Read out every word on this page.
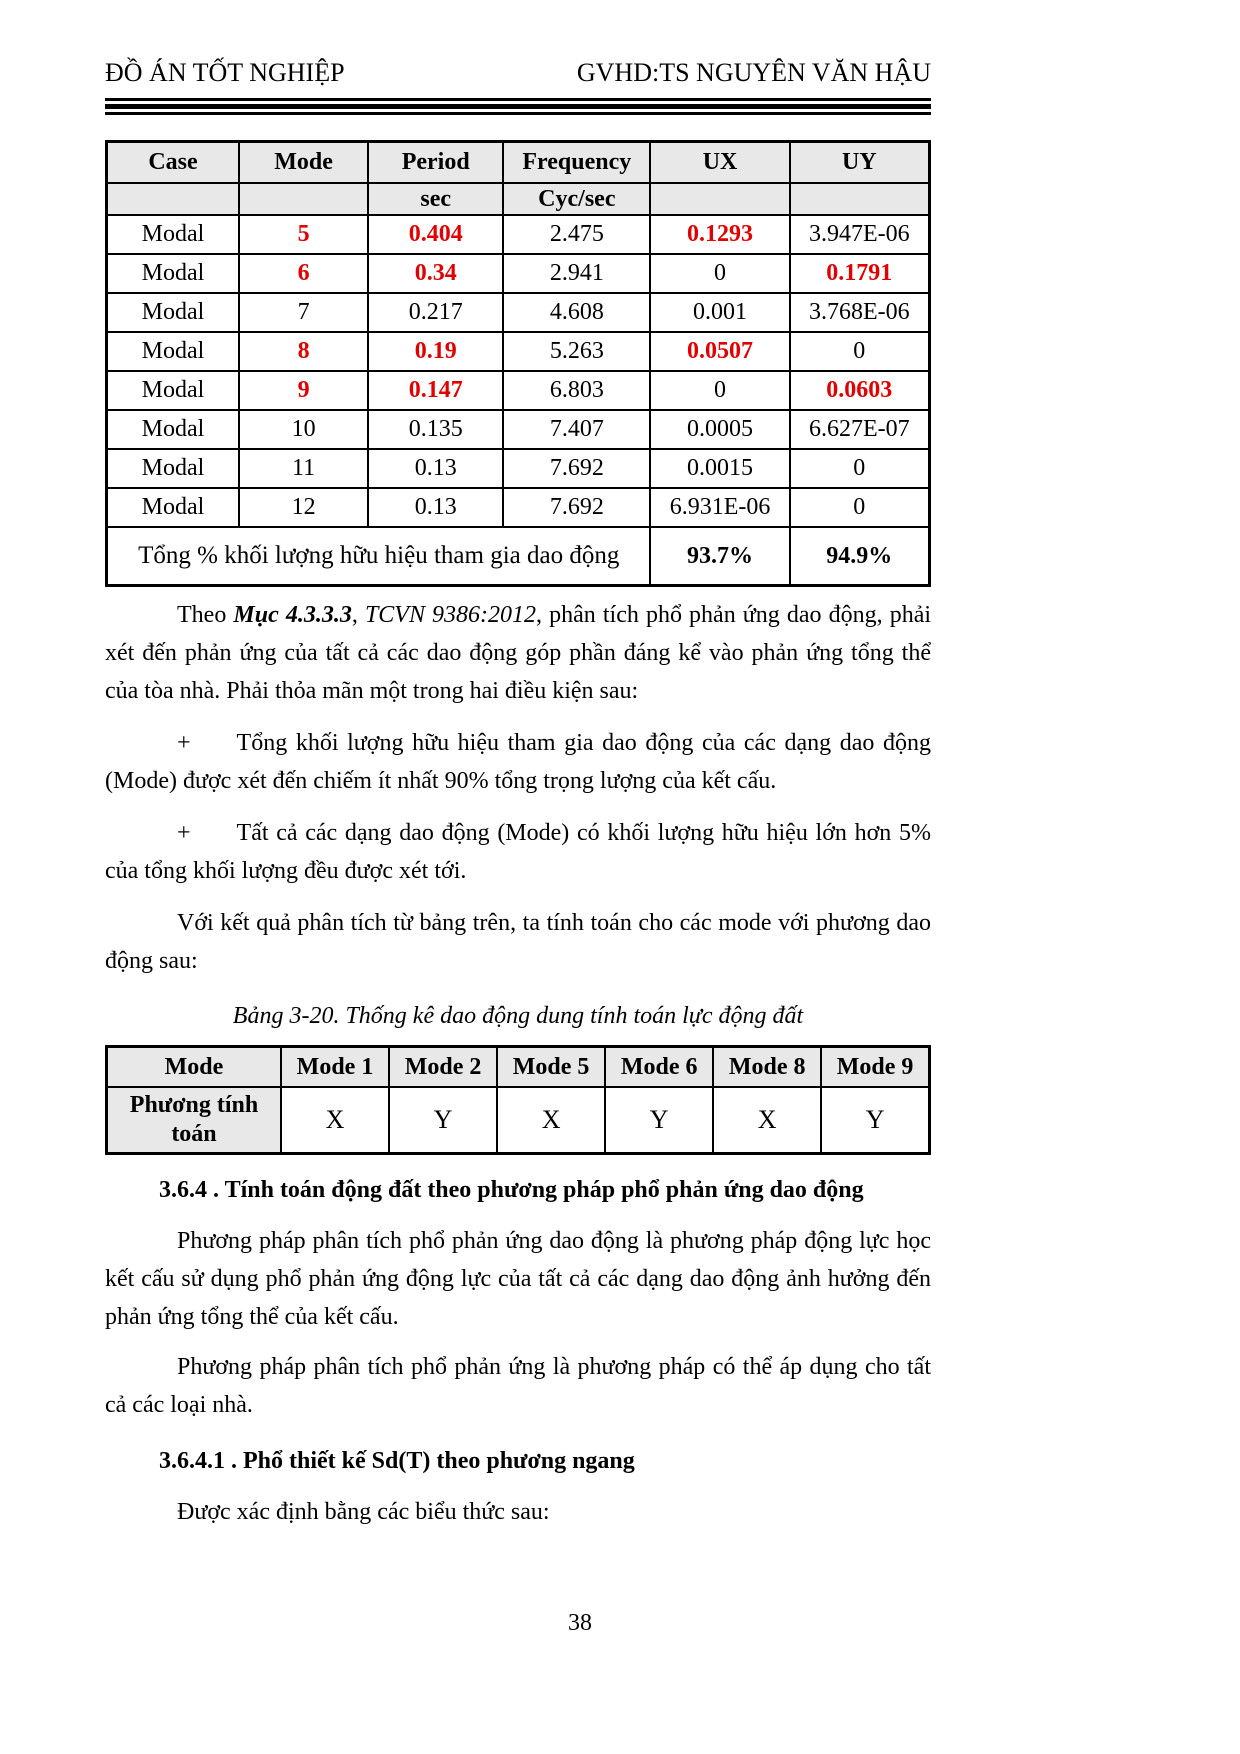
ĐỒ ÁN TỐT NGHIỆP	GVHD:TS NGUYÊN VĂN HẬU
Case	Mode	Period	Frequency	UX	UY
		sec	Cyc/sec		
Modal	5	0.404	2.475	0.1293	3.947E-06
Modal	6	0.34	2.941	0	0.1791
Modal	7	0.217	4.608	0.001	3.768E-06
Modal	8	0.19	5.263	0.0507	0
Modal	9	0.147	6.803	0	0.0603
Modal	10	0.135	7.407	0.0005	6.627E-07
Modal	11	0.13	7.692	0.0015	0
Modal	12	0.13	7.692	6.931E-06	0
Tổng % khối lượng hữu hiệu tham gia dao động				93.7%	94.9%

Theo Mục 4.3.3.3, TCVN 9386:2012, phân tích phổ phản ứng dao động, phải xét đến phản ứng của tất cả các dao động góp phần đáng kể vào phản ứng tổng thể của tòa nhà. Phải thỏa mãn một trong hai điều kiện sau:

+ Tổng khối lượng hữu hiệu tham gia dao động của các dạng dao động (Mode) được xét đến chiếm ít nhất 90% tổng trọng lượng của kết cấu.

+ Tất cả các dạng dao động (Mode) có khối lượng hữu hiệu lớn hơn 5% của tổng khối lượng đều được xét tới.

Với kết quả phân tích từ bảng trên, ta tính toán cho các mode với phương dao động sau:

Bảng 3-20. Thống kê dao động dung tính toán lực động đất

Mode	Mode 1	Mode 2	Mode 5	Mode 6	Mode 8	Mode 9
Phương tính toán	X	Y	X	Y	X	Y

3.6.4 . Tính toán động đất theo phương pháp phổ phản ứng dao động

Phương pháp phân tích phổ phản ứng dao động là phương pháp động lực học kết cấu sử dụng phổ phản ứng động lực của tất cả các dạng dao động ảnh hưởng đến phản ứng tổng thể của kết cấu.

Phương pháp phân tích phổ phản ứng là phương pháp có thể áp dụng cho tất cả các loại nhà.

3.6.4.1 . Phổ thiết kế Sd(T) theo phương ngang

Được xác định bằng các biểu thức sau:

38
